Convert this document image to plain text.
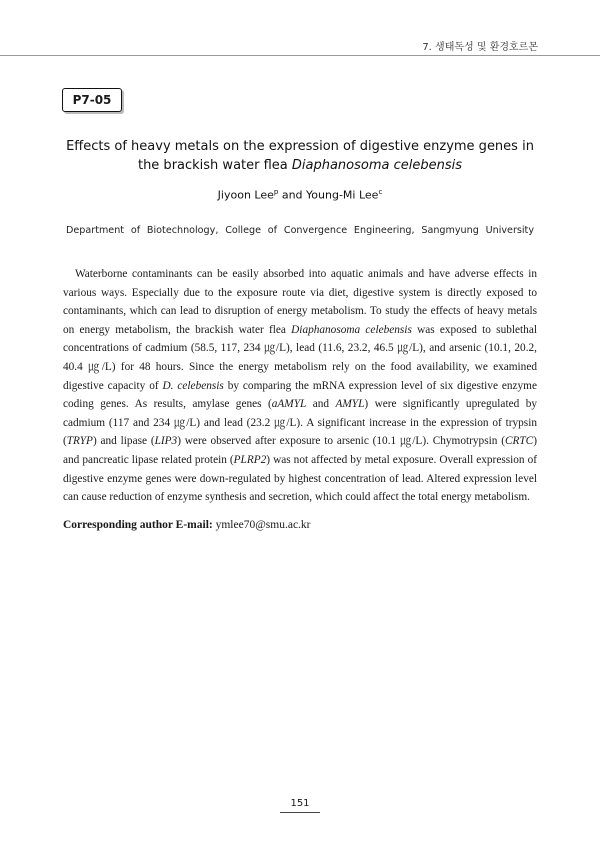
7. 생태독성 및 환경호르몬
P7-05
Effects of heavy metals on the expression of digestive enzyme genes in
the brackish water flea Diaphanosoma celebensis
Jiyoon Lee$^p$ and Young-Mi Lee$^c$
Department of Biotechnology, College of Convergence Engineering, Sangmyung University

Waterborne contaminants can be easily absorbed into aquatic animals and have adverse effects in various ways. Especially due to the exposure route via diet, digestive system is directly exposed to contaminants, which can lead to disruption of energy metabolism. To study the effects of heavy metals on energy metabolism, the brackish water flea Diaphanosoma celebensis was exposed to sublethal concentrations of cadmium (58.5, 117, 234 ㎍/L), lead (11.6, 23.2, 46.5 ㎍/L), and arsenic (10.1, 20.2, 40.4 ㎍/L) for 48 hours. Since the energy metabolism rely on the food availability, we examined digestive capacity of D. celebensis by comparing the mRNA expression level of six digestive enzyme coding genes. As results, amylase genes (aAMYL and AMYL) were significantly upregulated by cadmium (117 and 234 ㎍/L) and lead (23.2 ㎍/L). A significant increase in the expression of trypsin (TRYP) and lipase (LIP3) were observed after exposure to arsenic (10.1 ㎍/L). Chymotrypsin (CRTC) and pancreatic lipase related protein (PLRP2) was not affected by metal exposure. Overall expression of digestive enzyme genes were down-regulated by highest concentration of lead. Altered expression level can cause reduction of enzyme synthesis and secretion, which could affect the total energy metabolism.

Corresponding author E-mail: ymlee70@smu.ac.kr
151
